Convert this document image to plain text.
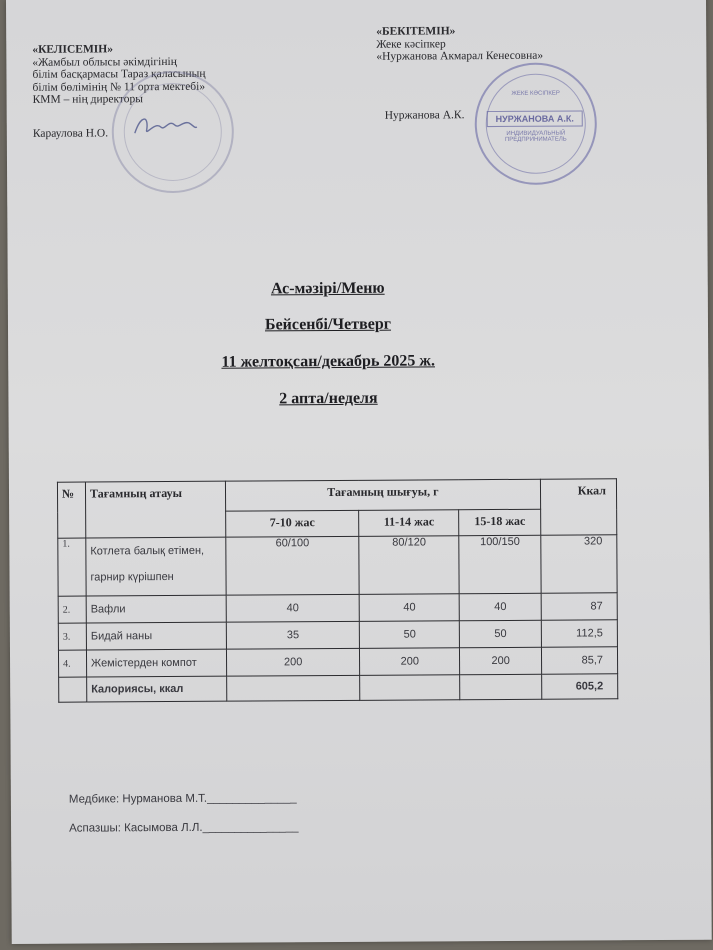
«КЕЛІСЕМІН»
«Жамбыл облысы әкімдігінің
білім басқармасы Тараз қаласының
білім бөлімінің № 11 орта мектебі»
КММ – нің директоры
Караулова Н.О.
«БЕКІТЕМІН»
Жеке кәсіпкер
«Нуржанова Акмарал Кенесовна»
Нуржанова А.К.
ЖЕКЕ КӘСІПКЕР
НУРЖАНОВА А.К.
ИНДИВИДУАЛЬНЫЙ ПРЕДПРИНИМАТЕЛЬ
Ас-мәзірі/Меню
Бейсенбі/Четверг
11 желтоқсан/декабрь 2025 ж.
2 апта/неделя
№	Тағамның атауы	Тағамның шығуы, г			Ккал
		7-10 жас	11-14 жас	15-18 жас	
1.	Котлета балық етімен,
гарнир күрішпен	60/100	80/120	100/150	320
2.	Вафли	40	40	40	87
3.	Бидай наны	35	50	50	112,5
4.	Жемістерден компот	200	200	200	85,7
	Калориясы, ккал				605,2
Медбике: Нурманова М.Т.______________
Аспазшы: Касымова Л.Л._______________
